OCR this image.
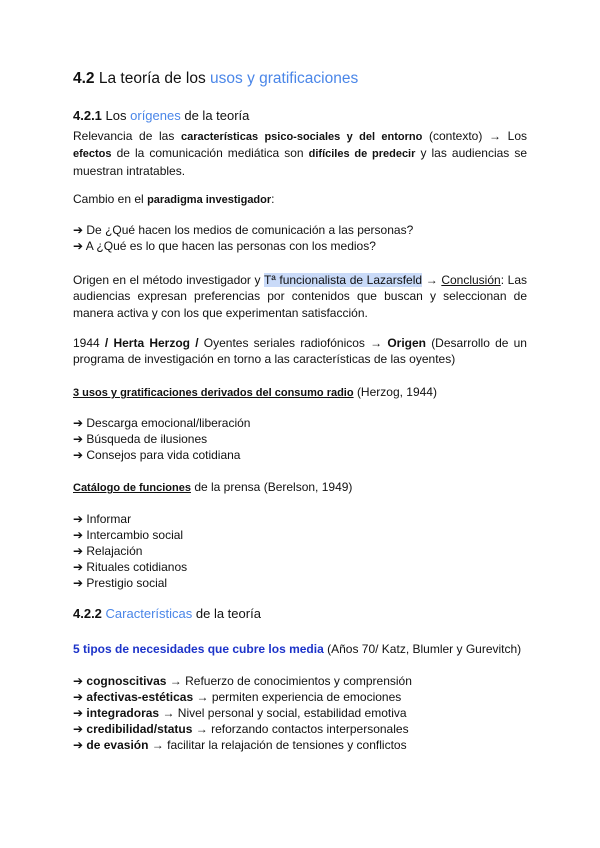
4.2 La teoría de los usos y gratificaciones
4.2.1 Los orígenes de la teoría
Relevancia de las características psico-sociales y del entorno (contexto) → Los efectos de la comunicación mediática son difíciles de predecir y las audiencias se muestran intratables.
Cambio en el paradigma investigador:
➔ De ¿Qué hacen los medios de comunicación a las personas?
➔ A ¿Qué es lo que hacen las personas con los medios?
Origen en el método investigador y Tª funcionalista de Lazarsfeld → Conclusión: Las audiencias expresan preferencias por contenidos que buscan y seleccionan de manera activa y con los que experimentan satisfacción.
1944 / Herta Herzog / Oyentes seriales radiofónicos → Origen (Desarrollo de un programa de investigación en torno a las características de las oyentes)
3 usos y gratificaciones derivados del consumo radio (Herzog, 1944)
➔ Descarga emocional/liberación
➔ Búsqueda de ilusiones
➔ Consejos para vida cotidiana
Catálogo de funciones de la prensa (Berelson, 1949)
➔ Informar
➔ Intercambio social
➔ Relajación
➔ Rituales cotidianos
➔ Prestigio social
4.2.2 Características de la teoría
5 tipos de necesidades que cubre los media (Años 70/ Katz, Blumler y Gurevitch)
➔ cognoscitivas → Refuerzo de conocimientos y comprensión
➔ afectivas-estéticas → permiten experiencia de emociones
➔ integradoras → Nivel personal y social, estabilidad emotiva
➔ credibilidad/status → reforzando contactos interpersonales
➔ de evasión → facilitar la relajación de tensiones y conflictos
